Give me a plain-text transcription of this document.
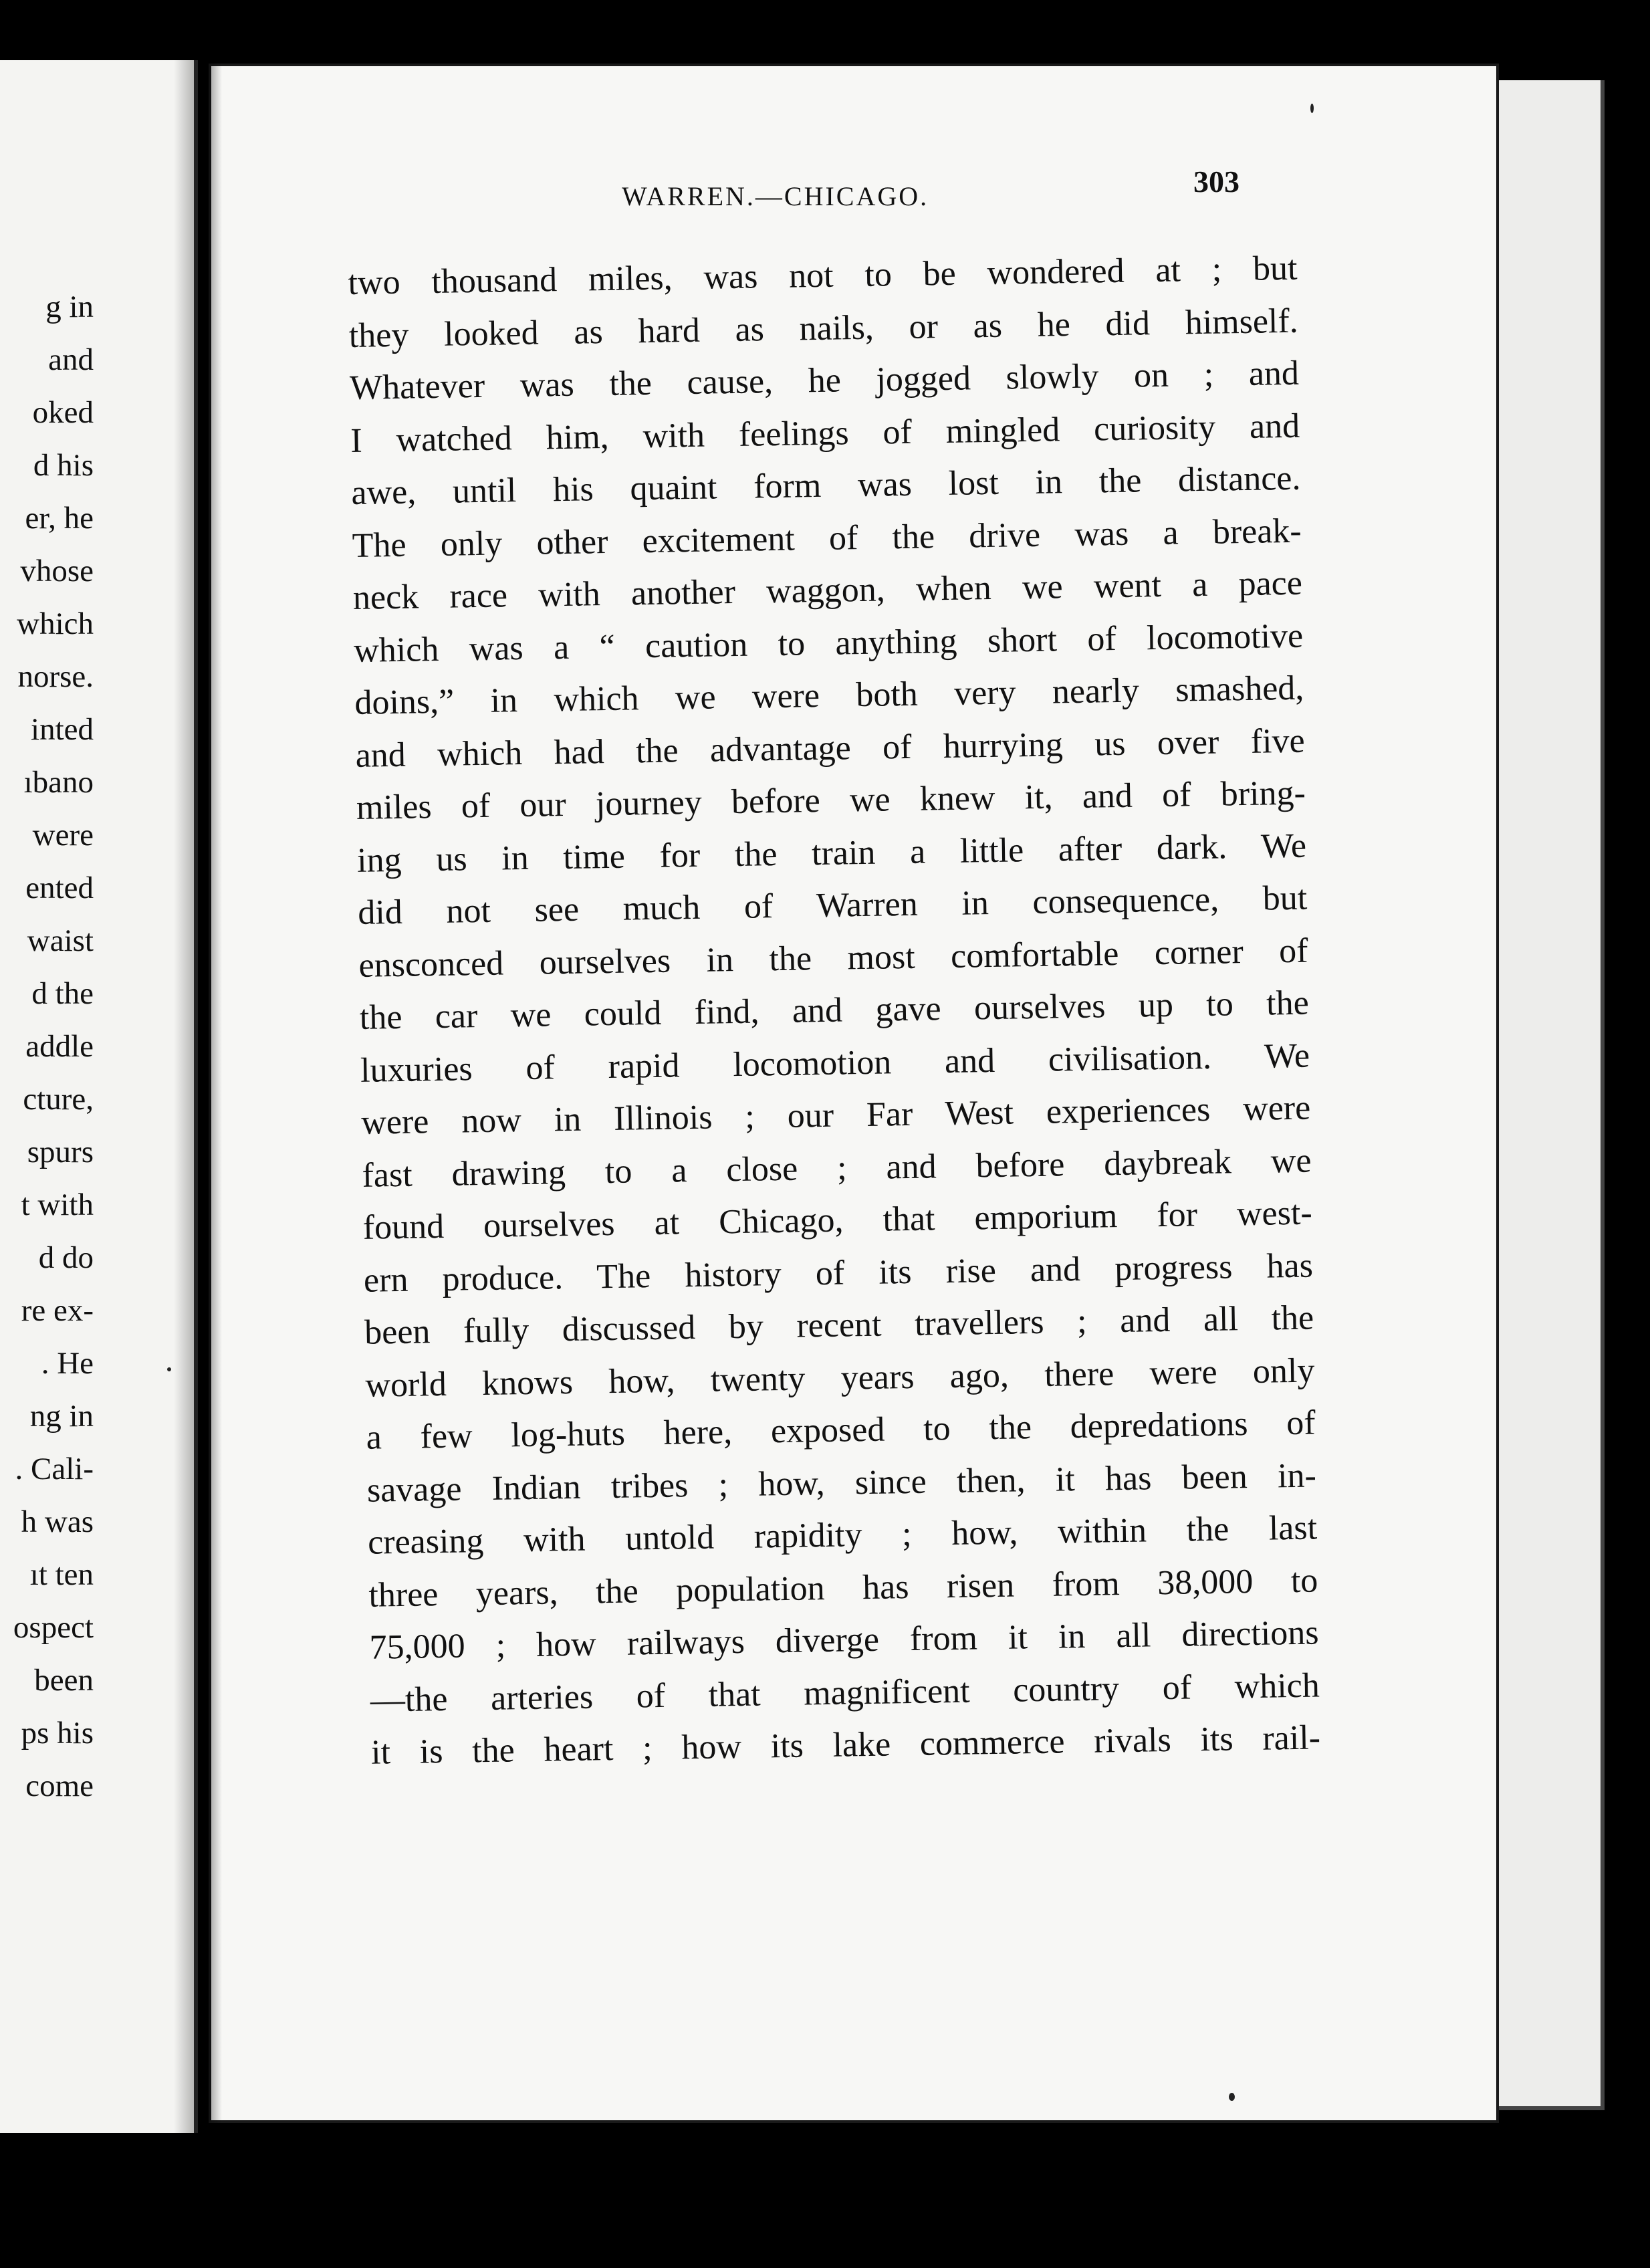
g in
and
oked
d his
er, he
vhose
which
norse.
inted
ıbano
were
ented
waist
d the
addle
cture,
spurs
t with
d do
re ex-
. He
ng in
. Cali-
h was
ıt ten
ospect
been
ps his
come
WARREN.—CHICAGO.	303
two thousand miles, was not to be wondered at ; but
they looked as hard as nails, or as he did himself.
Whatever was the cause, he jogged slowly on ; and
I watched him, with feelings of mingled curiosity and
awe, until his quaint form was lost in the distance.
The only other excitement of the drive was a break-
neck race with another waggon, when we went a pace
which was a “ caution to anything short of locomotive
doins,” in which we were both very nearly smashed,
and which had the advantage of hurrying us over five
miles of our journey before we knew it, and of bring-
ing us in time for the train a little after dark. We
did not see much of Warren in consequence, but
ensconced ourselves in the most comfortable corner of
the car we could find, and gave ourselves up to the
luxuries of rapid locomotion and civilisation. We
were now in Illinois ; our Far West experiences were
fast drawing to a close ; and before daybreak we
found ourselves at Chicago, that emporium for west-
ern produce. The history of its rise and progress has
been fully discussed by recent travellers ; and all the
world knows how, twenty years ago, there were only
a few log-huts here, exposed to the depredations of
savage Indian tribes ; how, since then, it has been in-
creasing with untold rapidity ; how, within the last
three years, the population has risen from 38,000 to
75,000 ; how railways diverge from it in all directions
—the arteries of that magnificent country of which
it is the heart ; how its lake commerce rivals its rail-
